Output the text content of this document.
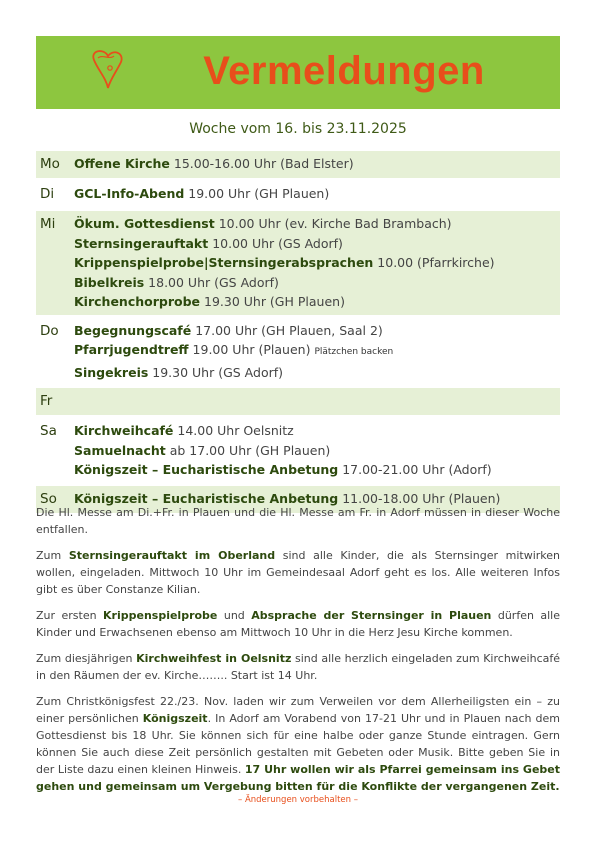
Vermeldungen
Woche vom 16. bis 23.11.2025
Mo	Offene Kirche 15.00-16.00 Uhr (Bad Elster)
Di	GCL-Info-Abend 19.00 Uhr (GH Plauen)
Mi	Ökum. Gottesdienst 10.00 Uhr (ev. Kirche Bad Brambach)
Sternsingerauftakt 10.00 Uhr (GS Adorf)
Krippenspielprobe|Sternsingerabsprachen 10.00 (Pfarrkirche)
Bibelkreis 18.00 Uhr (GS Adorf)
Kirchenchorprobe 19.30 Uhr (GH Plauen)
Do	Begegnungscafé 17.00 Uhr (GH Plauen, Saal 2)
Pfarrjugendtreff 19.00 Uhr (Plauen) Plätzchen backen
Singekreis 19.30 Uhr (GS Adorf)
Fr
Sa	Kirchweihcafé 14.00 Uhr Oelsnitz
Samuelnacht ab 17.00 Uhr (GH Plauen)
Königszeit – Eucharistische Anbetung 17.00-21.00 Uhr (Adorf)
So	Königszeit – Eucharistische Anbetung 11.00-18.00 Uhr (Plauen)

Die Hl. Messe am Di.+Fr. in Plauen und die Hl. Messe am Fr. in Adorf müssen in dieser Woche entfallen.

Zum Sternsingerauftakt im Oberland sind alle Kinder, die als Sternsinger mitwirken wollen, eingeladen. Mittwoch 10 Uhr im Gemeindesaal Adorf geht es los. Alle weiteren Infos gibt es über Constanze Kilian.

Zur ersten Krippenspielprobe und Absprache der Sternsinger in Plauen dürfen alle Kinder und Erwachsenen ebenso am Mittwoch 10 Uhr in die Herz Jesu Kirche kommen.

Zum diesjährigen Kirchweihfest in Oelsnitz sind alle herzlich eingeladen zum Kirchweihcafé in den Räumen der ev. Kirche…….. Start ist 14 Uhr.

Zum Christkönigsfest 22./23. Nov. laden wir zum Verweilen vor dem Allerheiligsten ein – zu einer persönlichen Königszeit. In Adorf am Vorabend von 17-21 Uhr und in Plauen nach dem Gottesdienst bis 18 Uhr. Sie können sich für eine halbe oder ganze Stunde eintragen. Gern können Sie auch diese Zeit persönlich gestalten mit Gebeten oder Musik. Bitte geben Sie in der Liste dazu einen kleinen Hinweis. 17 Uhr wollen wir als Pfarrei gemeinsam ins Gebet gehen und gemeinsam um Vergebung bitten für die Konflikte der vergangenen Zeit.

– Änderungen vorbehalten –
